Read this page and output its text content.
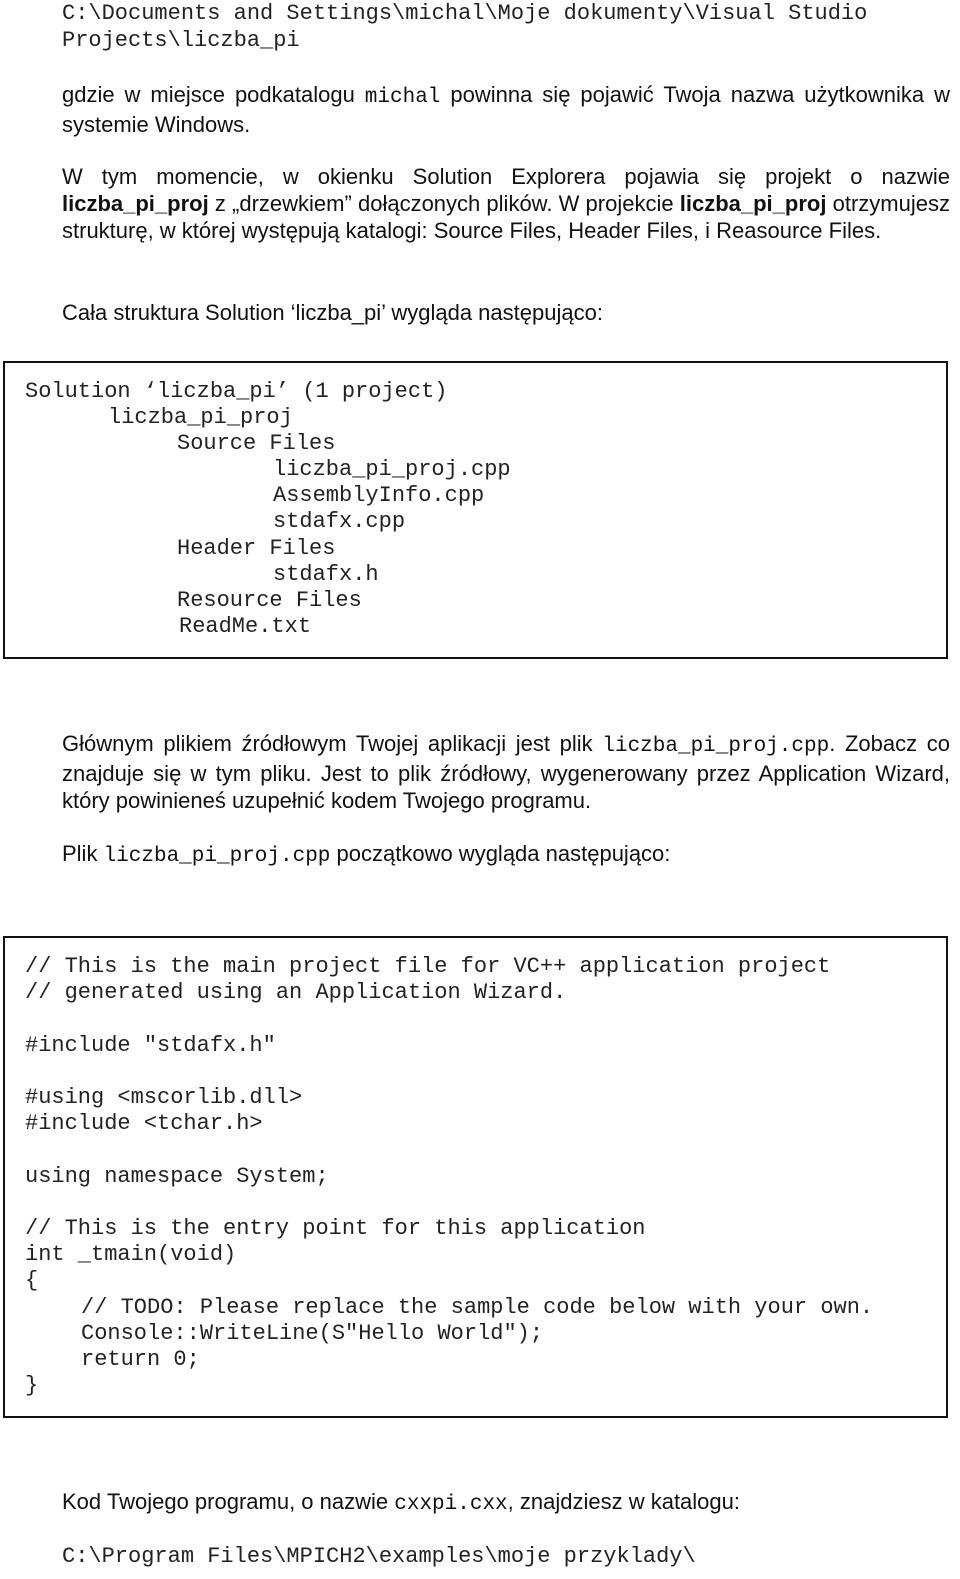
C:\Documents and Settings\michal\Moje dokumenty\Visual Studio
Projects\liczba_pi

gdzie w miejsce podkatalogu michal powinna się pojawić Twoja nazwa użytkownika w systemie Windows.

W tym momencie, w okienku Solution Explorera pojawia się projekt o nazwie liczba_pi_proj z „drzewkiem” dołączonych plików. W projekcie liczba_pi_proj otrzymujesz strukturę, w której występują katalogi: Source Files, Header Files, i Reasource Files.

Cała struktura Solution ‘liczba_pi’ wygląda następująco:

Solution ‘liczba_pi’ (1 project)
liczba_pi_proj
Source Files
liczba_pi_proj.cpp
AssemblyInfo.cpp
stdafx.cpp
Header Files
stdafx.h
Resource Files
ReadMe.txt

Głównym plikiem źródłowym Twojej aplikacji jest plik liczba_pi_proj.cpp. Zobacz co znajduje się w tym pliku. Jest to plik źródłowy, wygenerowany przez Application Wizard, który powinieneś uzupełnić kodem Twojego programu.

Plik liczba_pi_proj.cpp początkowo wygląda następująco:

// This is the main project file for VC++ application project
// generated using an Application Wizard.
#include "stdafx.h"
#using <mscorlib.dll>
#include <tchar.h>
using namespace System;
// This is the entry point for this application
int _tmain(void)
{
// TODO: Please replace the sample code below with your own.
Console::WriteLine(S"Hello World");
return 0;
}

Kod Twojego programu, o nazwie cxxpi.cxx, znajdziesz w katalogu:

C:\Program Files\MPICH2\examples\moje przyklady\
